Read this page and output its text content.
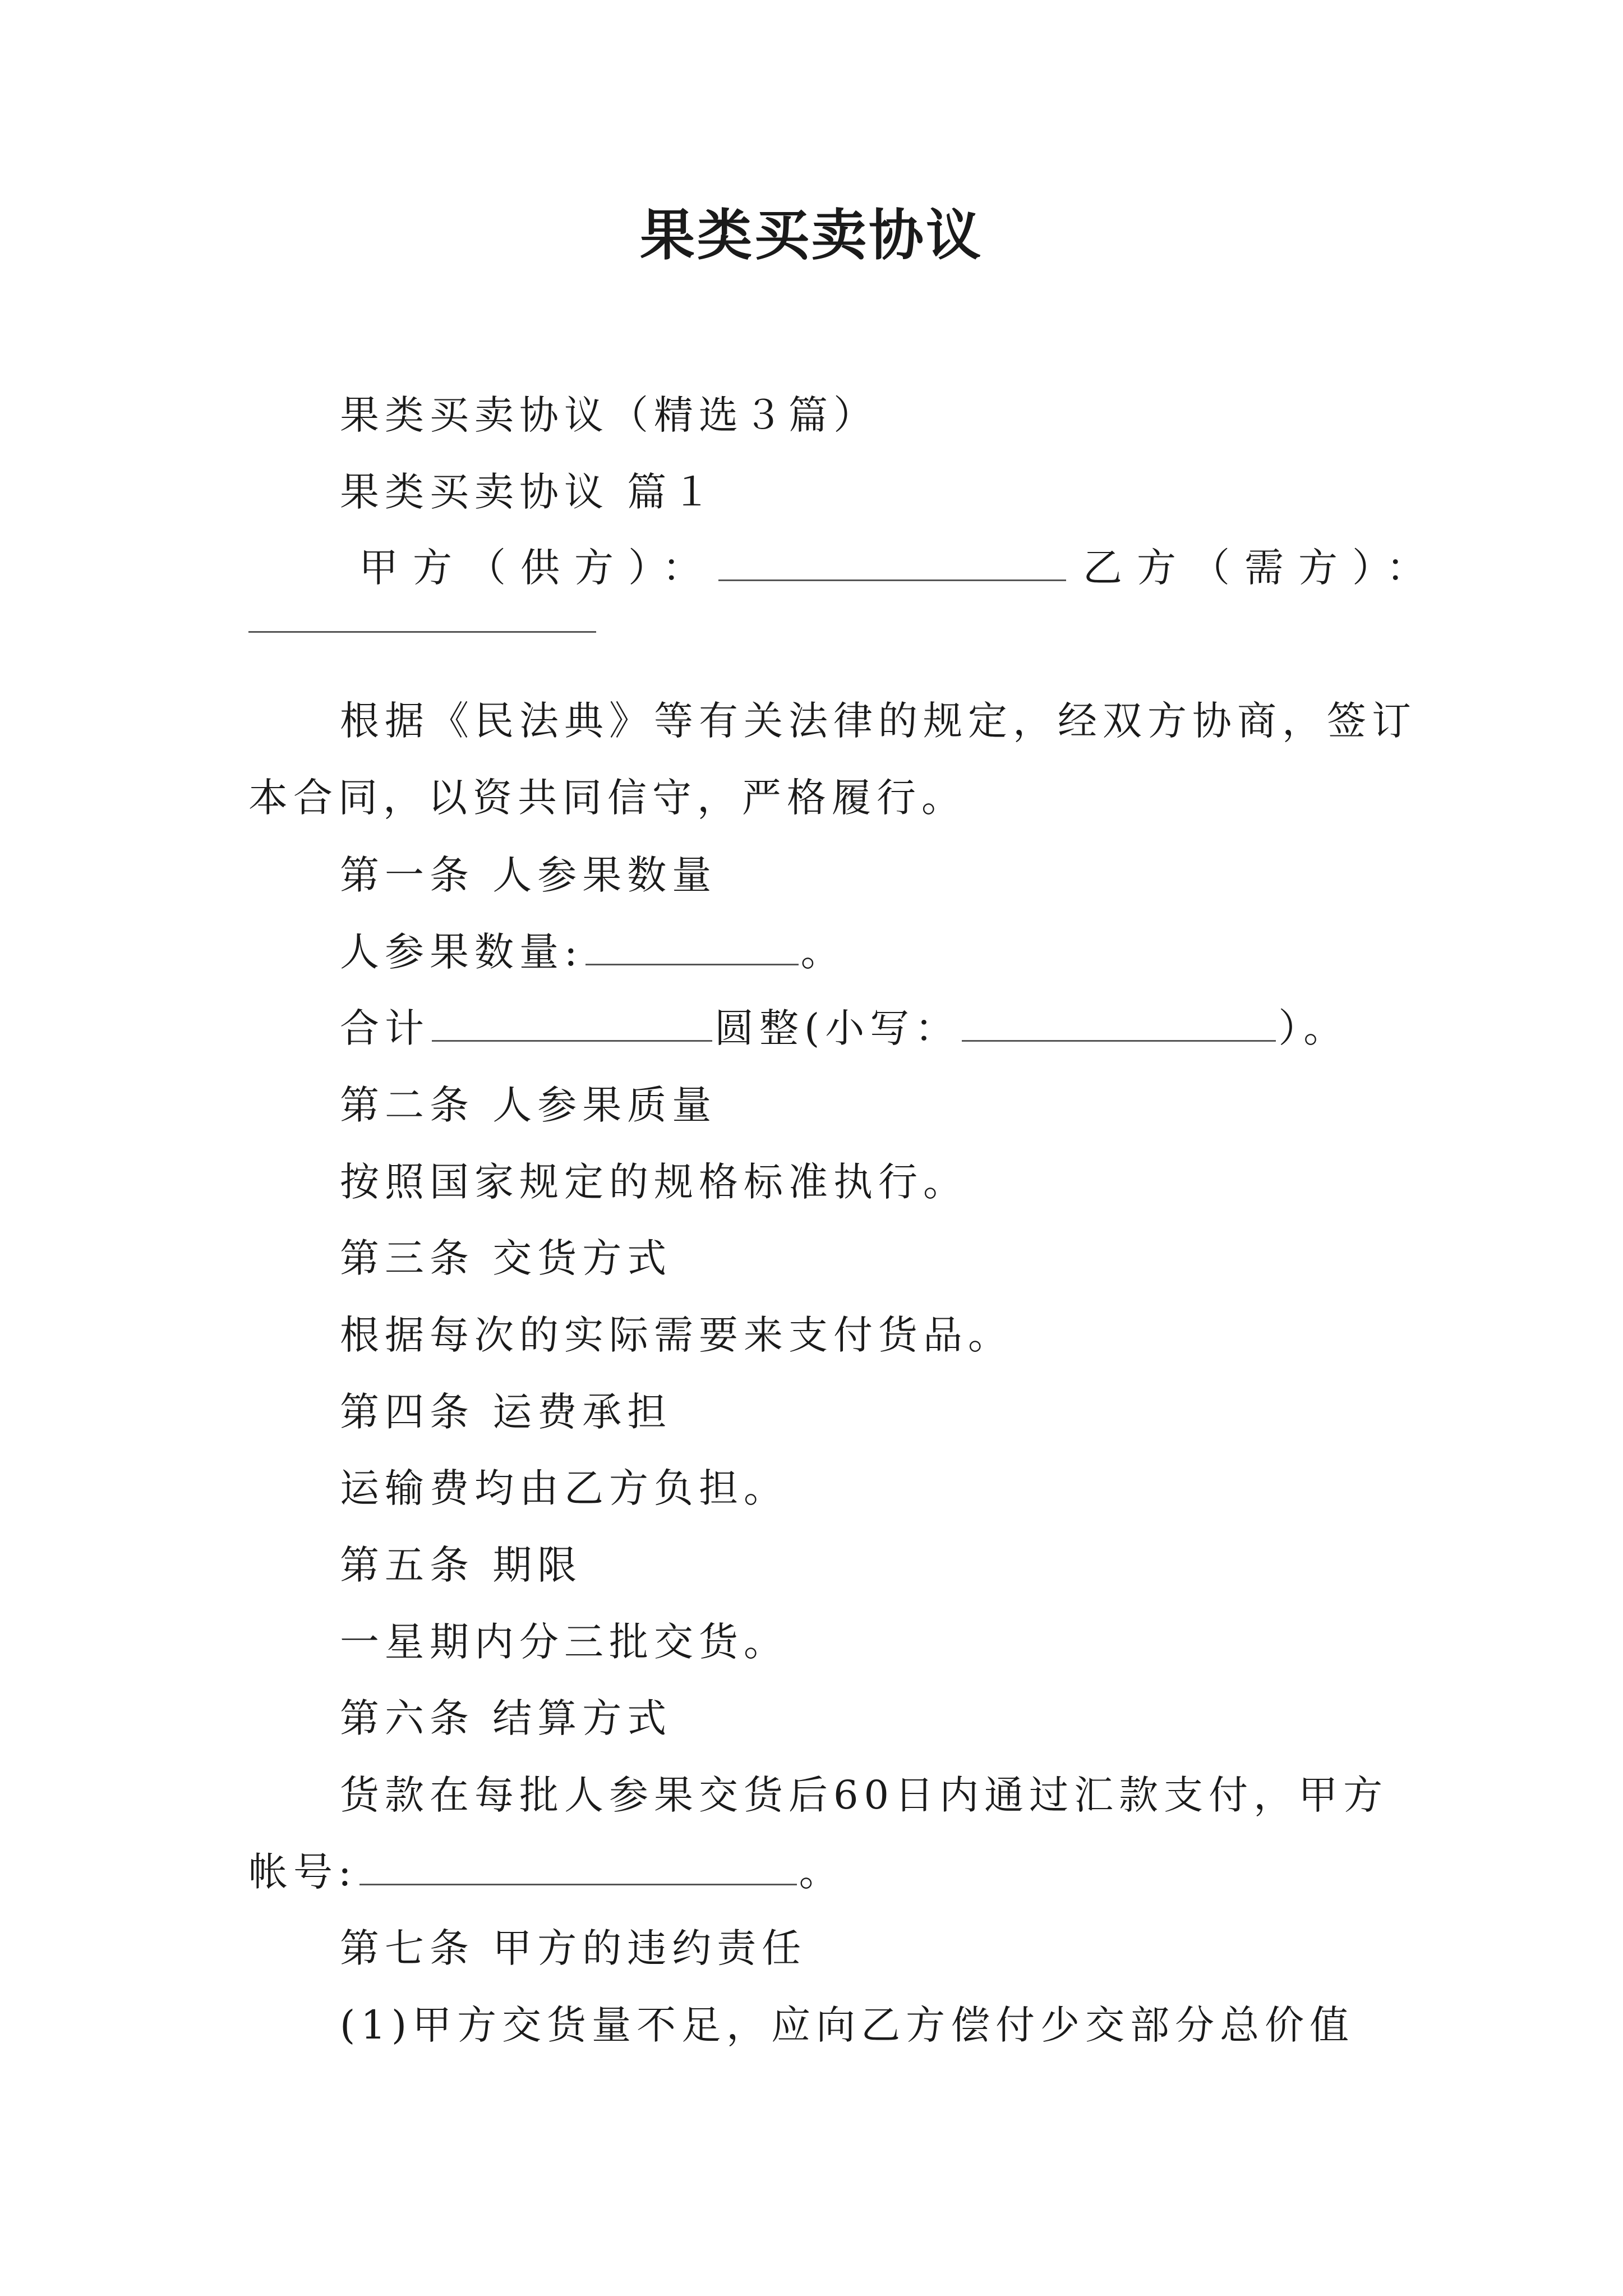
果类买卖协议
果类买卖协议（精选３篇）
果类买卖协议 篇１
甲方（供方）：	乙方（需方）：
根据《民法典》等有关法律的规定，经双方协商，签订
本合同，以资共同信守，严格履行。
第一条 人参果数量
人参果数量:	。
合计	圆整(小写：	）。
第二条 人参果质量
按照国家规定的规格标准执行。
第三条 交货方式
根据每次的实际需要来支付货品。
第四条 运费承担
运输费均由乙方负担。
第五条 期限
一星期内分三批交货。
第六条 结算方式
货款在每批人参果交货后60日内通过汇款支付，甲方
帐号:	。
第七条 甲方的违约责任
(1)甲方交货量不足，应向乙方偿付少交部分总价值
